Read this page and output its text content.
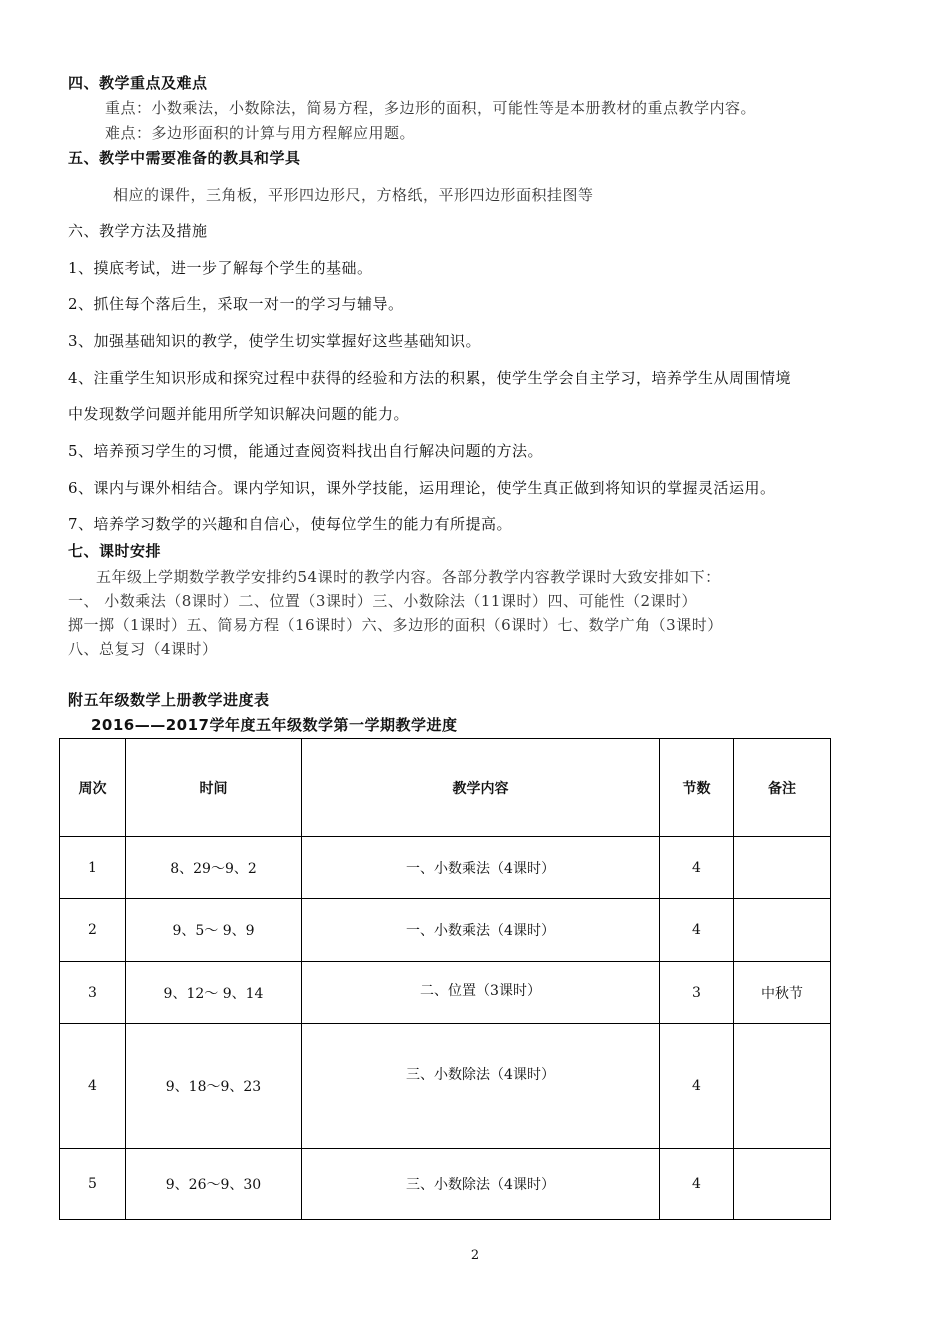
四、教学重点及难点
重点：小数乘法，小数除法，简易方程，多边形的面积，可能性等是本册教材的重点教学内容。
难点：多边形面积的计算与用方程解应用题。
五、教学中需要准备的教具和学具
相应的课件，三角板，平形四边形尺，方格纸，平形四边形面积挂图等
六、教学方法及措施
1、摸底考试，进一步了解每个学生的基础。
2、抓住每个落后生，采取一对一的学习与辅导。
3、加强基础知识的教学，使学生切实掌握好这些基础知识。
4、注重学生知识形成和探究过程中获得的经验和方法的积累，使学生学会自主学习，培养学生从周围情境
中发现数学问题并能用所学知识解决问题的能力。
5、培养预习学生的习惯，能通过查阅资料找出自行解决问题的方法。
6、课内与课外相结合。课内学知识，课外学技能，运用理论，使学生真正做到将知识的掌握灵活运用。
7、培养学习数学的兴趣和自信心，使每位学生的能力有所提高。
七、课时安排
五年级上学期数学教学安排约54课时的教学内容。各部分教学内容教学课时大致安排如下：
一、 小数乘法（8课时）二、位置（3课时）三、小数除法（11课时）四、可能性（2课时）
掷一掷（1课时）五、简易方程（16课时）六、多边形的面积（6课时）七、数学广角（3课时）
八、总复习（4课时）
附五年级数学上册教学进度表
2016——2017学年度五年级数学第一学期教学进度
周次	时间	教学内容	节数	备注
1	8、29～9、2	一、小数乘法（4课时）	4	
2	9、5～ 9、9	一、小数乘法（4课时）	4	
3	9、12～ 9、14	二、位置（3课时）	3	中秋节
4	9、18～9、23	三、小数除法（4课时）	4	
5	9、26～9、30	三、小数除法（4课时）	4	
2
